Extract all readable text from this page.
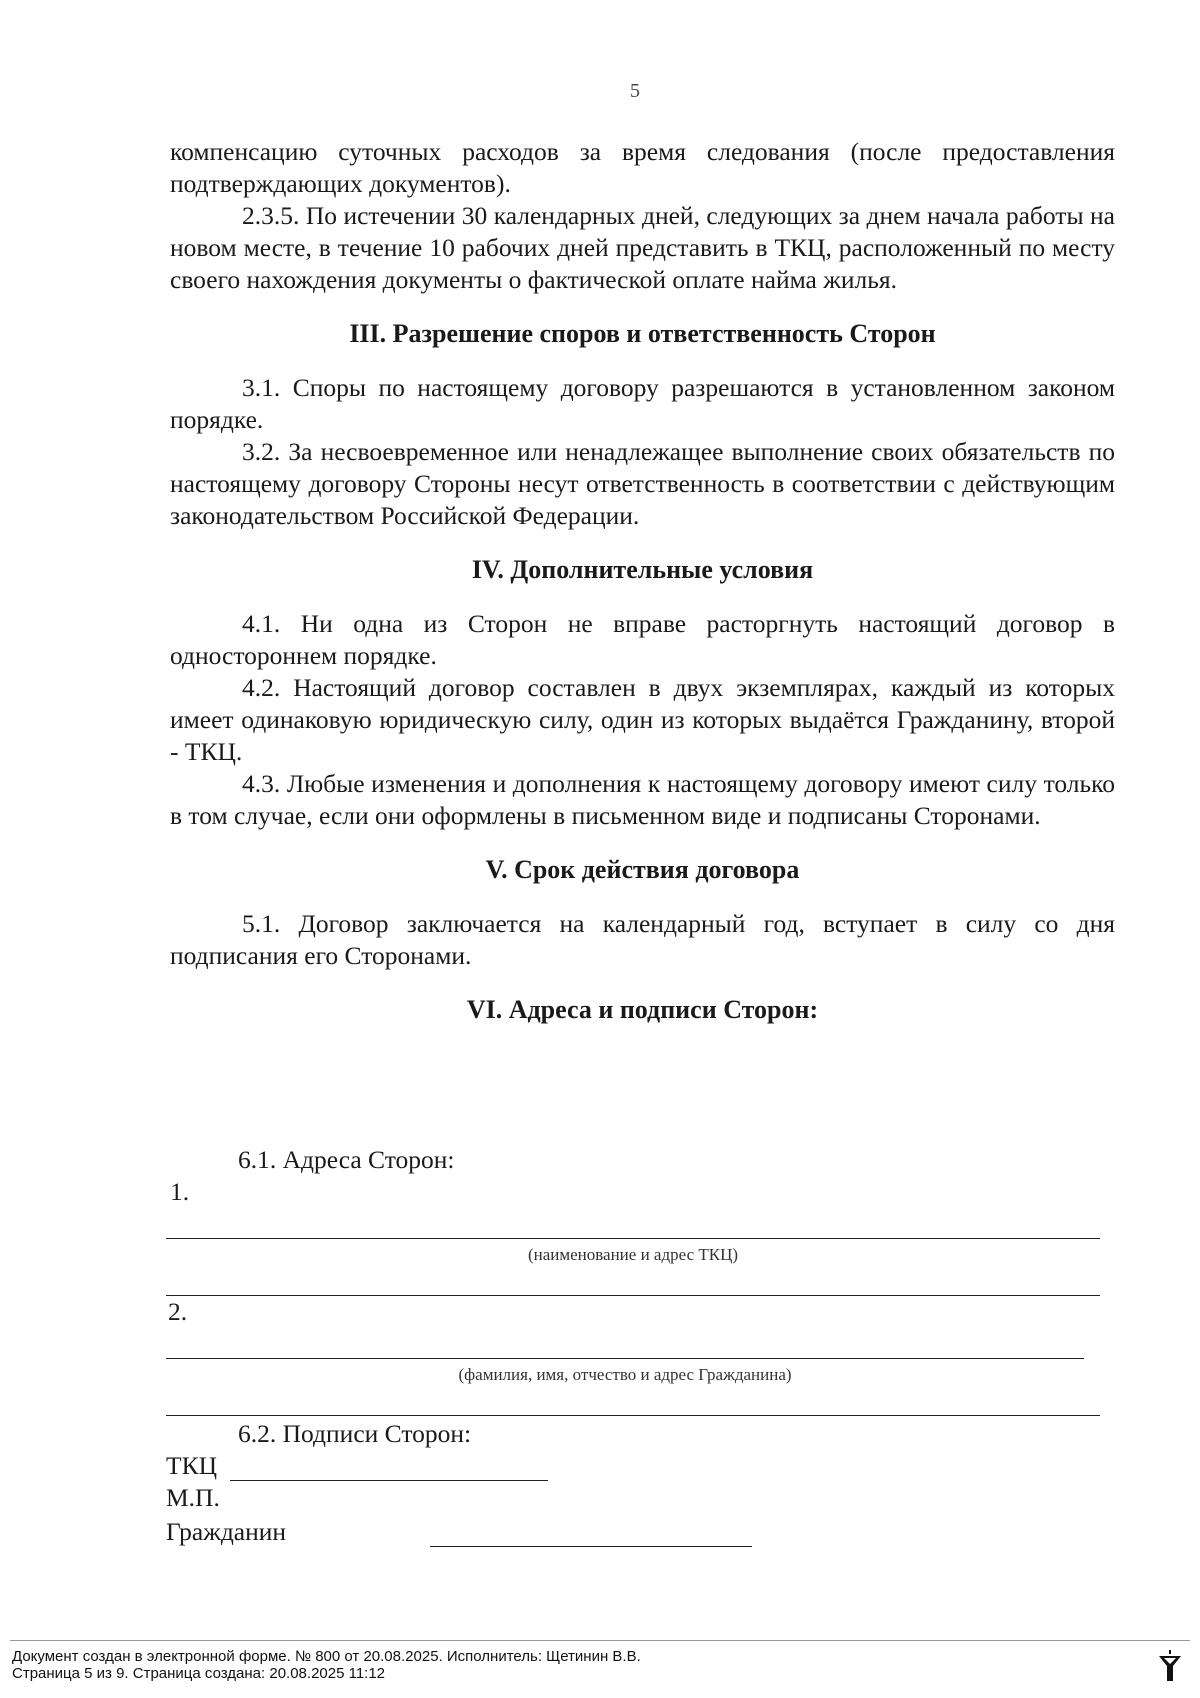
5

компенсацию суточных расходов за время следования (после предоставления подтверждающих документов).

2.3.5. По истечении 30 календарных дней, следующих за днем начала работы на новом месте, в течение 10 рабочих дней представить в ТКЦ, расположенный по месту своего нахождения документы о фактической оплате найма жилья.

III. Разрешение споров и ответственность Сторон

3.1. Споры по настоящему договору разрешаются в установленном законом порядке.

3.2. За несвоевременное или ненадлежащее выполнение своих обязательств по настоящему договору Стороны несут ответственность в соответствии с действующим законодательством Российской Федерации.

IV. Дополнительные условия

4.1. Ни одна из Сторон не вправе расторгнуть настоящий договор в одностороннем порядке.

4.2. Настоящий договор составлен в двух экземплярах, каждый из которых имеет одинаковую юридическую силу, один из которых выдаётся Гражданину, второй - ТКЦ.

4.3. Любые изменения и дополнения к настоящему договору имеют силу только в том случае, если они оформлены в письменном виде и подписаны Сторонами.

V. Срок действия договора

5.1. Договор заключается на календарный год, вступает в силу со дня подписания его Сторонами.

VI. Адреса и подписи Сторон:

6.1. Адреса Сторон:
1.
(наименование и адрес ТКЦ)
2.
(фамилия, имя, отчество и адрес Гражданина)
6.2. Подписи Сторон:
ТКЦ
М.П.
Гражданин
Документ создан в электронной форме. № 800 от 20.08.2025. Исполнитель: Щетинин В.В.
Страница 5 из 9. Страница создана: 20.08.2025 11:12
